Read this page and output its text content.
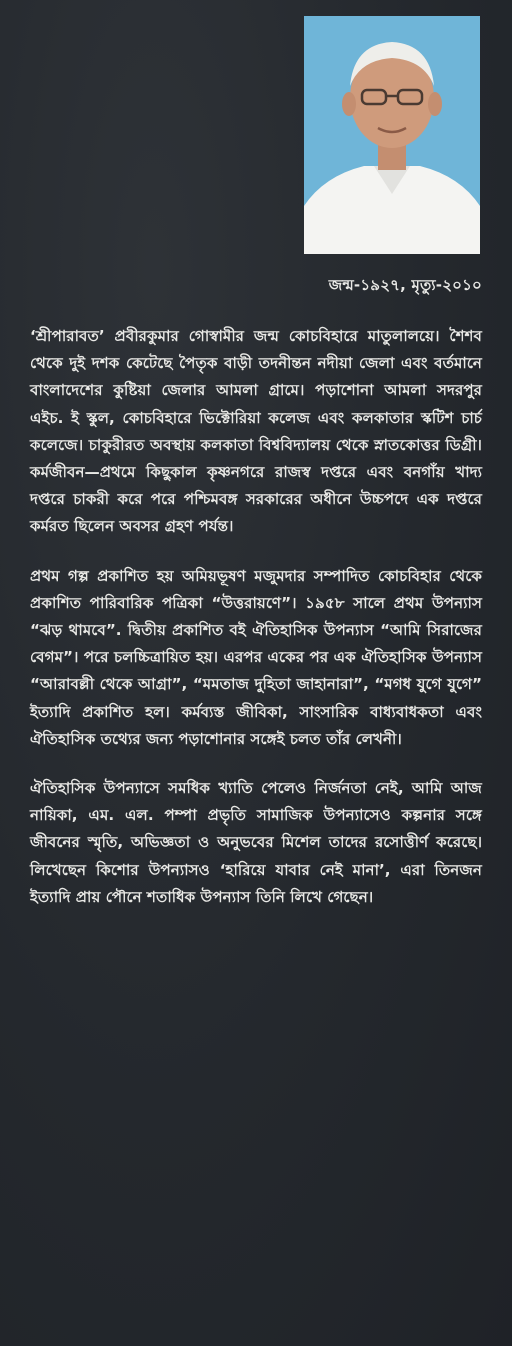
জন্ম-১৯২৭, মৃত্যু-২০১০

‘শ্রীপারাবত’ প্রবীরকুমার গোস্বামীর জন্ম কোচবিহারে মাতুলালয়ে। শৈশব থেকে দুই দশক কেটেছে পৈতৃক বাড়ী তদনীন্তন নদীয়া জেলা এবং বর্তমানে বাংলাদেশের কুষ্টিয়া জেলার আমলা গ্রামে। পড়াশোনা আমলা সদরপুর এইচ. ই স্কুল, কোচবিহারে ভিক্টোরিয়া কলেজ এবং কলকাতার স্কটিশ চার্চ কলেজে। চাকুরীরত অবস্থায় কলকাতা বিশ্ববিদ্যালয় থেকে স্নাতকোত্তর ডিগ্রী। কর্মজীবন—প্রথমে কিছুকাল কৃষ্ণনগরে রাজস্ব দপ্তরে এবং বনগাঁয় খাদ্য দপ্তরে চাকরী করে পরে পশ্চিমবঙ্গ সরকারের অধীনে উচ্চপদে এক দপ্তরে কর্মরত ছিলেন অবসর গ্রহণ পর্যন্ত।

প্রথম গল্প প্রকাশিত হয় অমিয়ভূষণ মজুমদার সম্পাদিত কোচবিহার থেকে প্রকাশিত পারিবারিক পত্রিকা “উত্তরায়ণে”। ১৯৫৮ সালে প্রথম উপন্যাস “ঝড় থামবে”. দ্বিতীয় প্রকাশিত বই ঐতিহাসিক উপন্যাস “আমি সিরাজের বেগম”। পরে চলচ্চিত্রায়িত হয়। এরপর একের পর এক ঐতিহাসিক উপন্যাস “আরাবল্লী থেকে আগ্রা”, “মমতাজ দুহিতা জাহানারা”, “মগধ যুগে যুগে” ইত্যাদি প্রকাশিত হল। কর্মব্যস্ত জীবিকা, সাংসারিক বাধ্যবাধকতা এবং ঐতিহাসিক তথ্যের জন্য পড়াশোনার সঙ্গেই চলত তাঁর লেখনী।

ঐতিহাসিক উপন্যাসে সমধিক খ্যাতি পেলেও নির্জনতা নেই, আমি আজ নায়িকা, এম. এল. পম্পা প্রভৃতি সামাজিক উপন্যাসেও কল্পনার সঙ্গে জীবনের স্মৃতি, অভিজ্ঞতা ও অনুভবের মিশেল তাদের রসোত্তীর্ণ করেছে। লিখেছেন কিশোর উপন্যাসও ‘হারিয়ে যাবার নেই মানা’, এরা তিনজন ইত্যাদি প্রায় পৌনে শতাধিক উপন্যাস তিনি লিখে গেছেন।
